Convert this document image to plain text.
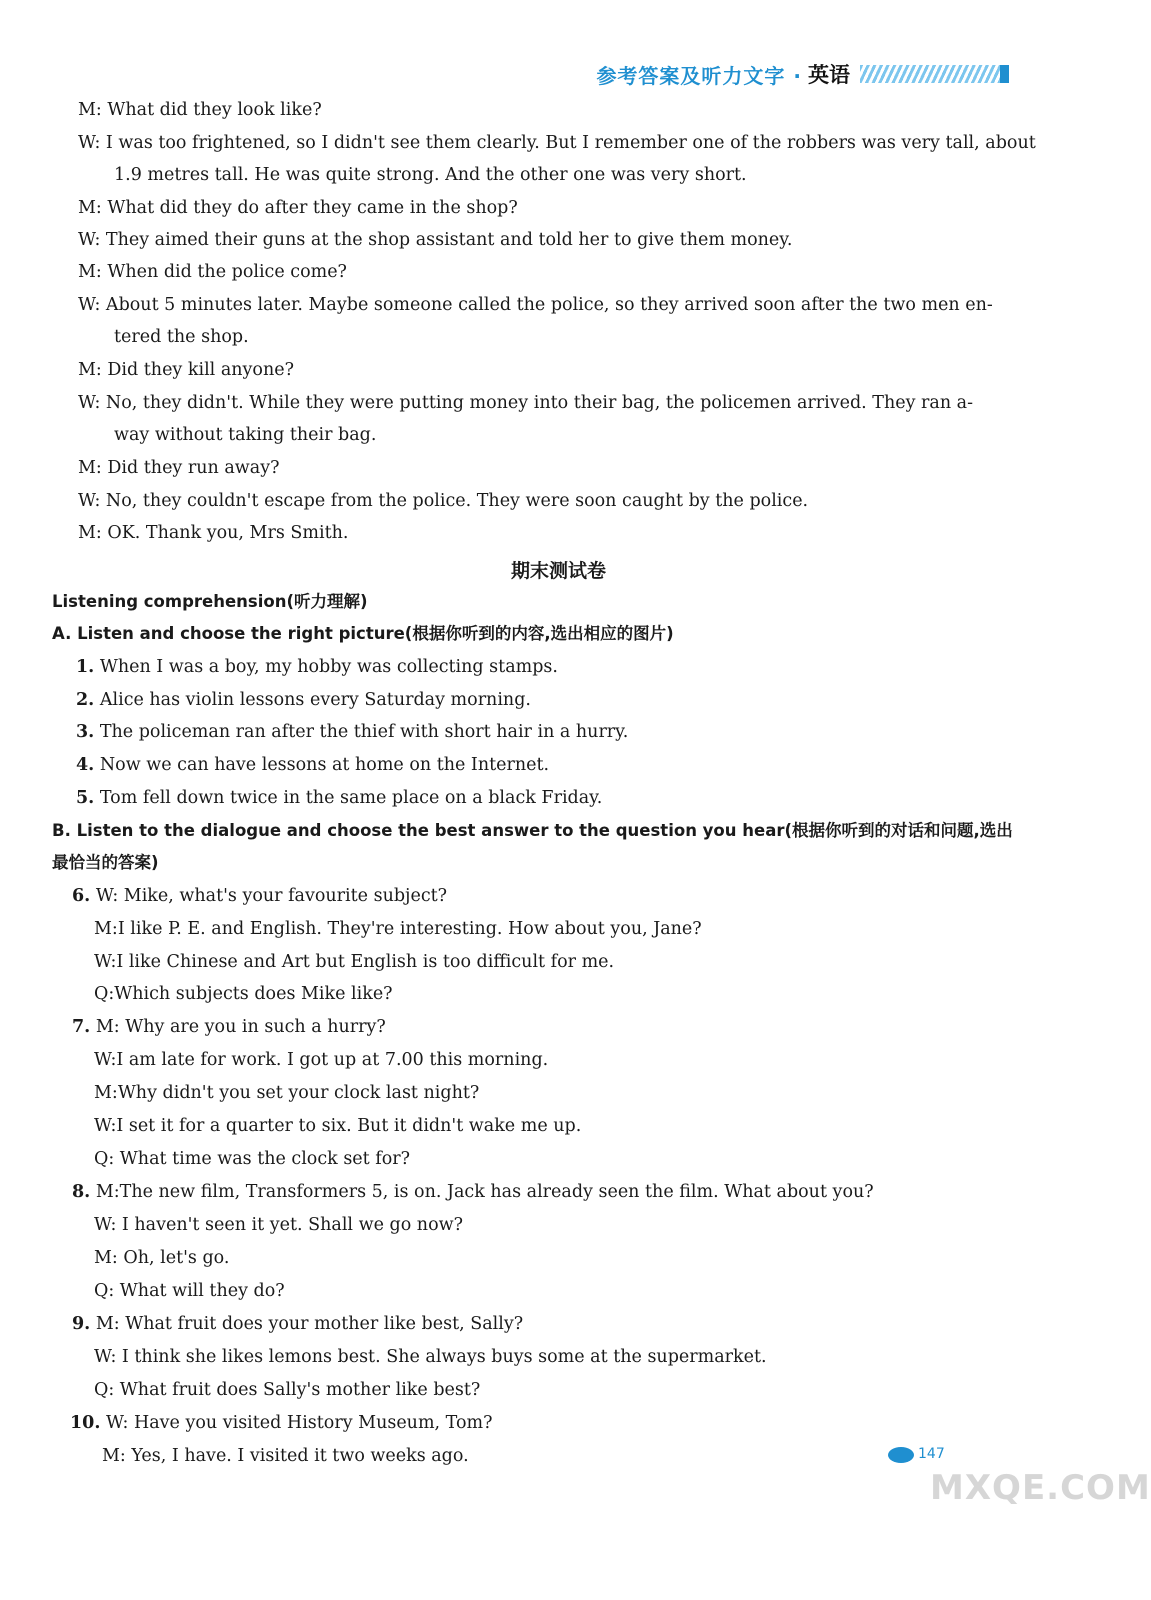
参考答案及听力文字 · 英语
M: What did they look like?
W: I was too frightened, so I didn't see them clearly. But I remember one of the robbers was very tall, about
1.9 metres tall. He was quite strong. And the other one was very short.
M: What did they do after they came in the shop?
W: They aimed their guns at the shop assistant and told her to give them money.
M: When did the police come?
W: About 5 minutes later. Maybe someone called the police, so they arrived soon after the two men en-
tered the shop.
M: Did they kill anyone?
W: No, they didn't. While they were putting money into their bag, the policemen arrived. They ran a-
way without taking their bag.
M: Did they run away?
W: No, they couldn't escape from the police. They were soon caught by the police.
M: OK. Thank you, Mrs Smith.
期末测试卷
Listening comprehension(听力理解)
A. Listen and choose the right picture(根据你听到的内容,选出相应的图片)
1. When I was a boy, my hobby was collecting stamps.
2. Alice has violin lessons every Saturday morning.
3. The policeman ran after the thief with short hair in a hurry.
4. Now we can have lessons at home on the Internet.
5. Tom fell down twice in the same place on a black Friday.
B. Listen to the dialogue and choose the best answer to the question you hear(根据你听到的对话和问题,选出
最恰当的答案)
6. W: Mike, what's your favourite subject?
M:I like P. E. and English. They're interesting. How about you, Jane?
W:I like Chinese and Art but English is too difficult for me.
Q:Which subjects does Mike like?
7. M: Why are you in such a hurry?
W:I am late for work. I got up at 7.00 this morning.
M:Why didn't you set your clock last night?
W:I set it for a quarter to six. But it didn't wake me up.
Q: What time was the clock set for?
8. M:The new film, Transformers 5, is on. Jack has already seen the film. What about you?
W: I haven't seen it yet. Shall we go now?
M: Oh, let's go.
Q: What will they do?
9. M: What fruit does your mother like best, Sally?
W: I think she likes lemons best. She always buys some at the supermarket.
Q: What fruit does Sally's mother like best?
10. W: Have you visited History Museum, Tom?
M: Yes, I have. I visited it two weeks ago.	147
MXQE.COM
